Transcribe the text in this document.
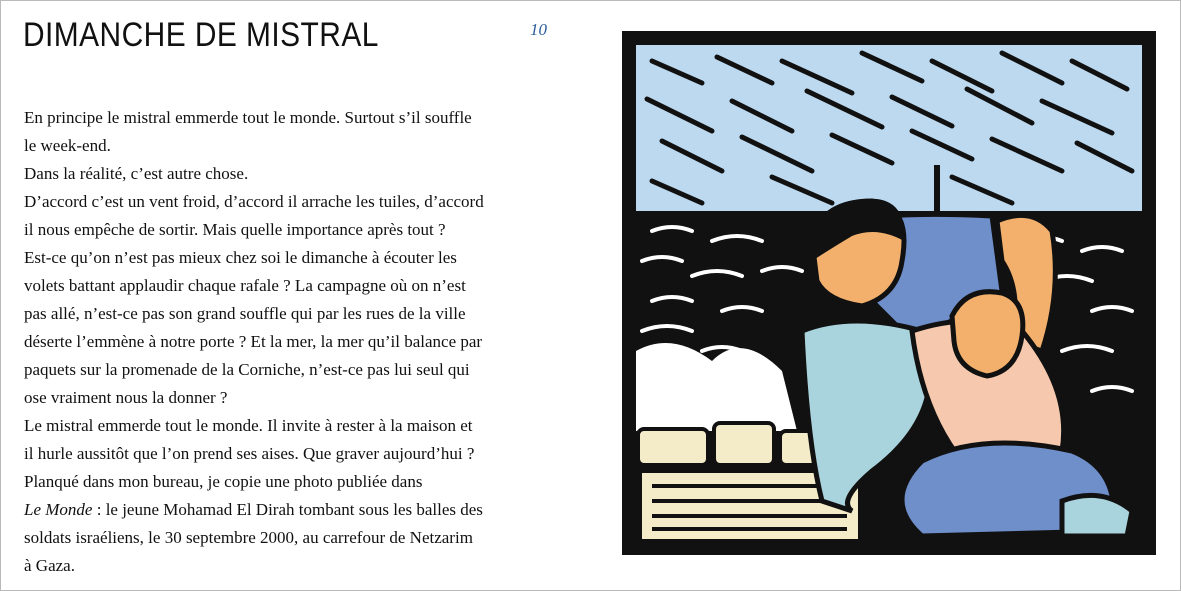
DIMANCHE DE MISTRAL	10
En principe le mistral emmerde tout le monde. Surtout s’il souffle
le week-end.
Dans la réalité, c’est autre chose.
D’accord c’est un vent froid, d’accord il arrache les tuiles, d’accord
il nous empêche de sortir. Mais quelle importance après tout ?
Est-ce qu’on n’est pas mieux chez soi le dimanche à écouter les
volets battant applaudir chaque rafale ? La campagne où on n’est
pas allé, n’est-ce pas son grand souffle qui par les rues de la ville
déserte l’emmène à notre porte ? Et la mer, la mer qu’il balance par
paquets sur la promenade de la Corniche, n’est-ce pas lui seul qui
ose vraiment nous la donner ?
Le mistral emmerde tout le monde. Il invite à rester à la maison et
il hurle aussitôt que l’on prend ses aises. Que graver aujourd’hui ?
Planqué dans mon bureau, je copie une photo publiée dans
Le Monde : le jeune Mohamad El Dirah tombant sous les balles des
soldats israéliens, le 30 septembre 2000, au carrefour de Netzarim
à Gaza.
